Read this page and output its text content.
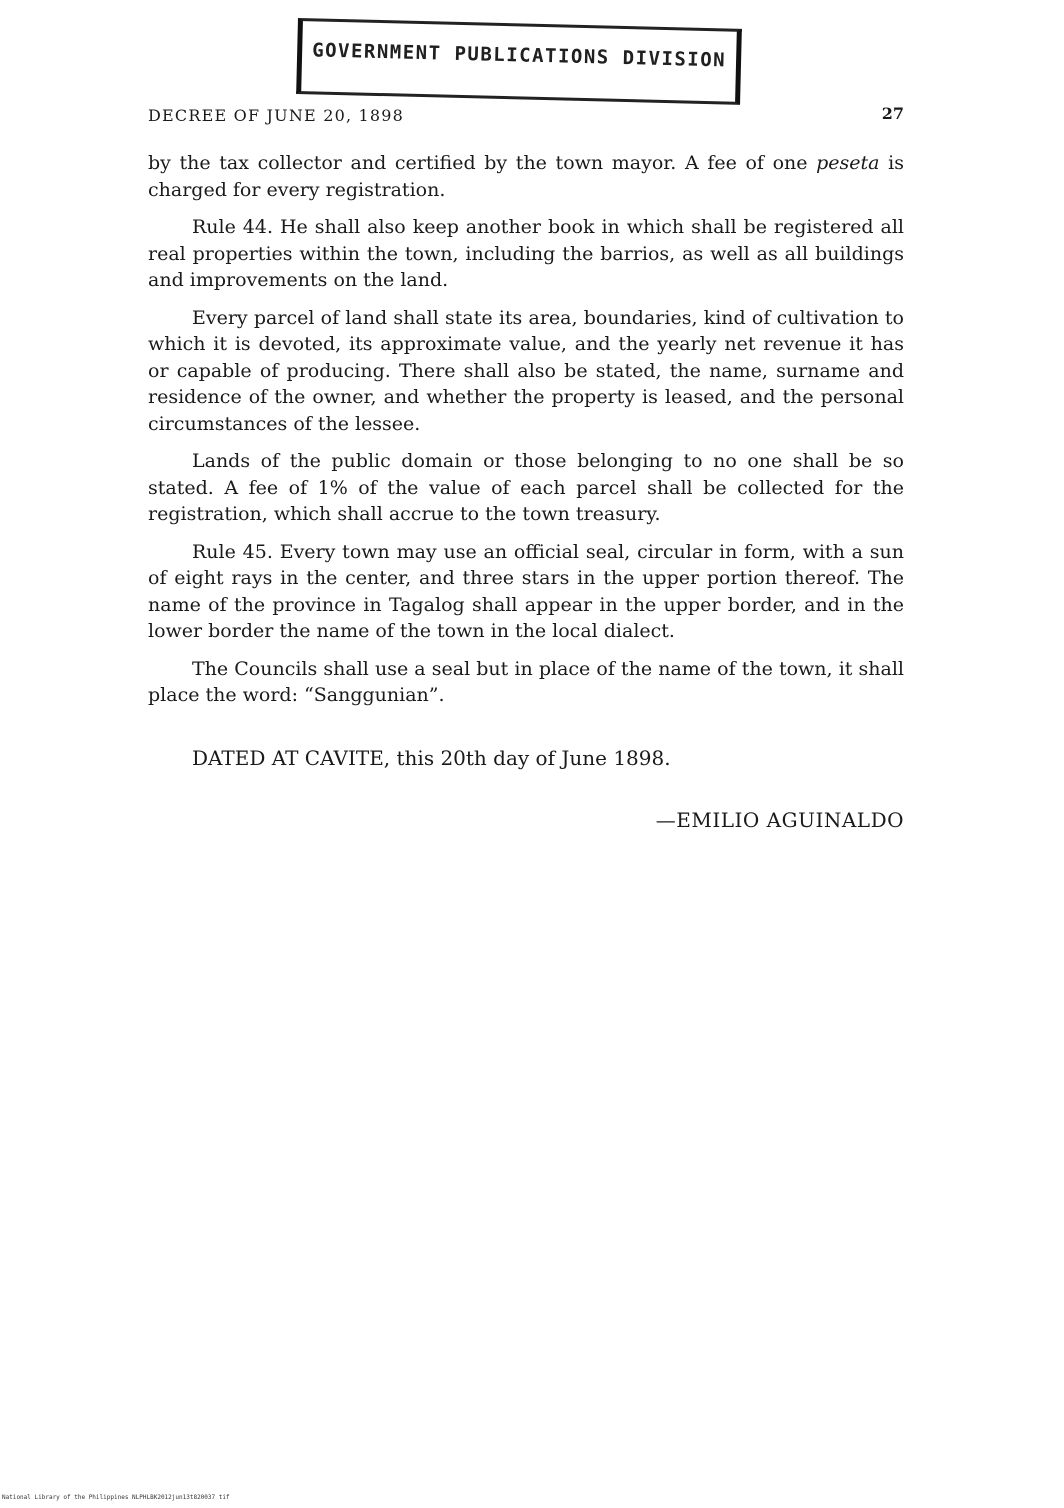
GOVERNMENT PUBLICATIONS DIVISION
DECREE OF JUNE 20, 1898	27

by the tax collector and certified by the town mayor. A fee of one peseta is charged for every registration.

Rule 44. He shall also keep another book in which shall be registered all real properties within the town, including the barrios, as well as all buildings and improvements on the land.

Every parcel of land shall state its area, boundaries, kind of cultivation to which it is devoted, its approximate value, and the yearly net revenue it has or capable of producing. There shall also be stated, the name, surname and residence of the owner, and whether the property is leased, and the personal circumstances of the lessee.

Lands of the public domain or those belonging to no one shall be so stated. A fee of 1% of the value of each parcel shall be collected for the registration, which shall accrue to the town treasury.

Rule 45. Every town may use an official seal, circular in form, with a sun of eight rays in the center, and three stars in the upper portion thereof. The name of the province in Tagalog shall appear in the upper border, and in the lower border the name of the town in the local dialect.

The Councils shall use a seal but in place of the name of the town, it shall place the word: “Sanggunian”.

DATED AT CAVITE, this 20th day of June 1898.
—EMILIO AGUINALDO
National Library of the Philippines NLPHLBK2012jun13t820037 tif
